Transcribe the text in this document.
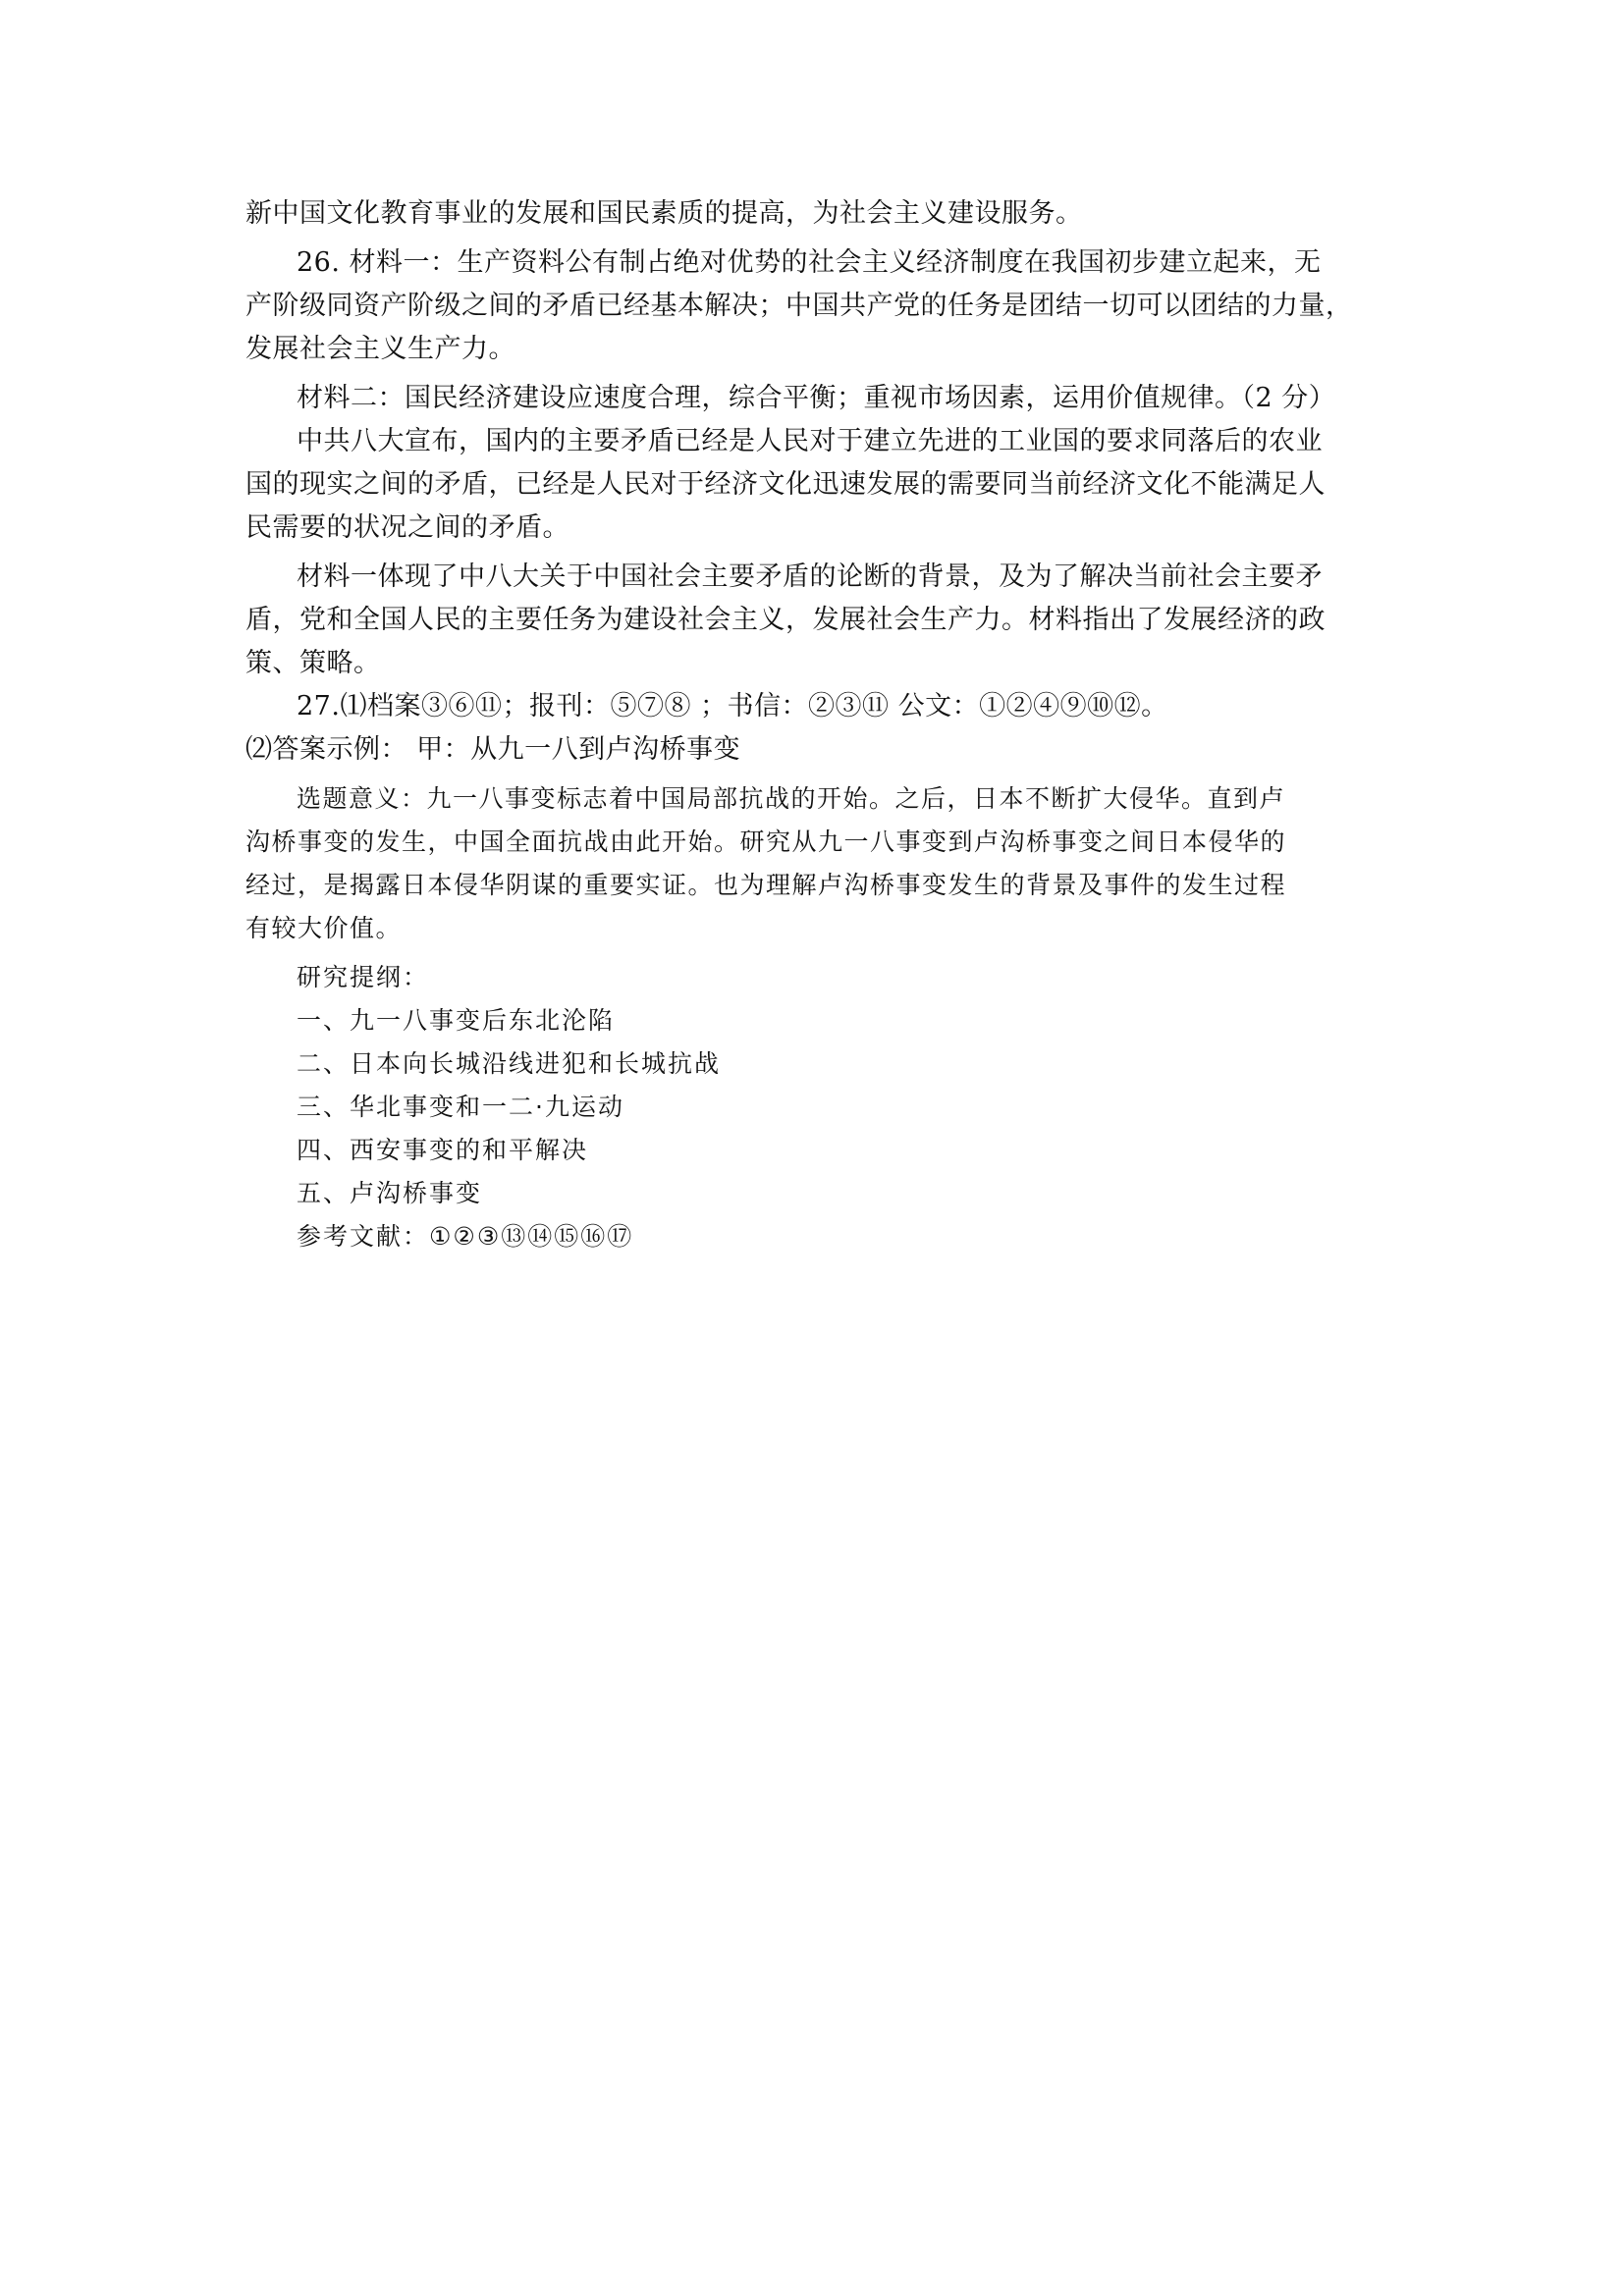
新中国文化教育事业的发展和国民素质的提高，为社会主义建设服务。
26. 材料一：生产资料公有制占绝对优势的社会主义经济制度在我国初步建立起来，无
产阶级同资产阶级之间的矛盾已经基本解决；中国共产党的任务是团结一切可以团结的力量，
发展社会主义生产力。
材料二：国民经济建设应速度合理，综合平衡；重视市场因素，运用价值规律。（2 分）
中共八大宣布，国内的主要矛盾已经是人民对于建立先进的工业国的要求同落后的农业
国的现实之间的矛盾，已经是人民对于经济文化迅速发展的需要同当前经济文化不能满足人
民需要的状况之间的矛盾。
材料一体现了中八大关于中国社会主要矛盾的论断的背景，及为了解决当前社会主要矛
盾，党和全国人民的主要任务为建设社会主义，发展社会生产力。材料指出了发展经济的政
策、策略。
27.⑴档案③⑥⑪；报刊：⑤⑦⑧ ；书信：②③⑪ 公文：①②④⑨⑩⑫。
⑵答案示例： 甲：从九一八到卢沟桥事变
选题意义：九一八事变标志着中国局部抗战的开始。之后，日本不断扩大侵华。直到卢
沟桥事变的发生，中国全面抗战由此开始。研究从九一八事变到卢沟桥事变之间日本侵华的
经过，是揭露日本侵华阴谋的重要实证。也为理解卢沟桥事变发生的背景及事件的发生过程
有较大价值。
研究提纲：
一、九一八事变后东北沦陷
二、日本向长城沿线进犯和长城抗战
三、华北事变和一二·九运动
四、西安事变的和平解决
五、卢沟桥事变
参考文献：①②③⑬⑭⑮⑯⑰
